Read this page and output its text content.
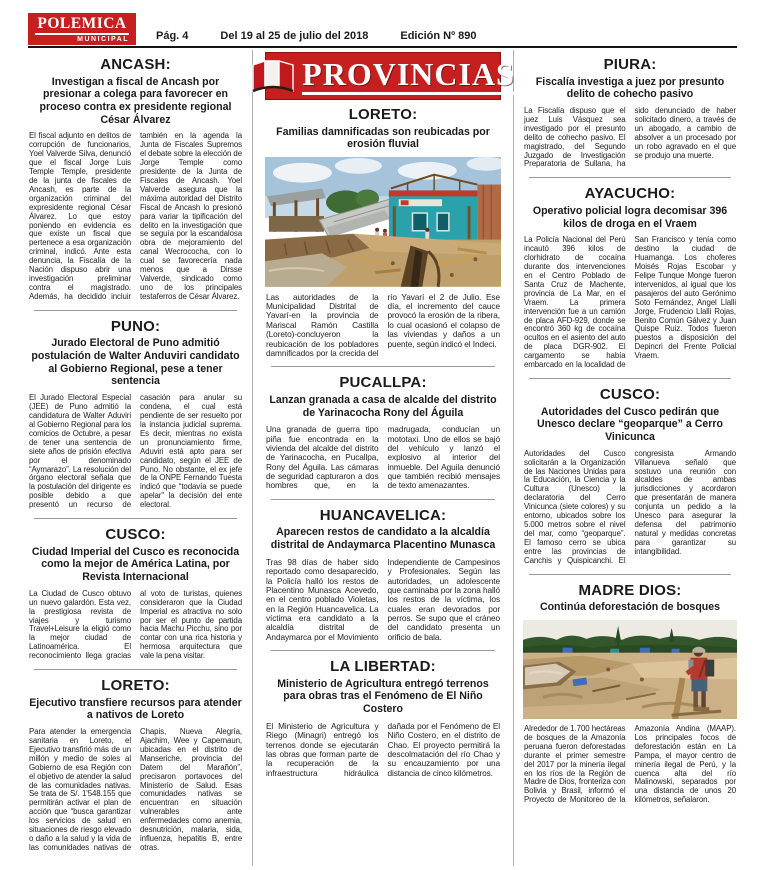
POLEMICA
MUNICIPAL Pág. 4	Del 19 al 25 de julio del 2018	Edición Nº 890
ANCASH:
Investigan a fiscal de Ancash por presionar a colega para favorecer en proceso contra ex presidente regional César Álvarez
El fiscal adjunto en delitos de corrupción de funcionarios, Yoel Valverde Silva, denunció que el fiscal Jorge Luis Temple Temple, presidente de la junta de fiscales de Ancash, es parte de la organización criminal del expresidente regional César Álvarez. Lo que estoy poniendo en evidencia es que existe un fiscal que pertenece a esa organización criminal, indicó. Ante esta denuncia, la Fiscalía de la Nación dispuso abrir una investigación preliminar contra el magistrado. Además, ha decidido incluir también en la agenda la Junta de Fiscales Supremos el debate sobre la elección de Jorge Temple como presidente de la Junta de Fiscales de Ancash. Yoel Valverde asegura que la máxima autoridad del Distrito Fiscal de Ancash lo presionó para variar la tipificación del delito en la investigación que se seguía por la escandalosa obra de mejoramiento del canal Wecrococha, con lo cual se favorecería nada menos que a Dirsse Valverde, sindicado como uno de los principales testaferros de César Álvarez.
PUNO:
Jurado Electoral de Puno admitió postulación de Walter Anduviri candidato al Gobierno Regional, pese a tener sentencia
El Jurado Electoral Especial (JEE) de Puno admitió la candidatura de Walter Aduviri al Gobierno Regional para los comicios de Octubre, a pesar de tener una sentencia de siete años de prisión efectiva por el denominado “Aymarazo”. La resolución del órgano electoral señala que la postulación del dirigente es posible debido a que presentó un recurso de casación para anular su condena, el cual está pendiente de ser resuelto por la instancia judicial suprema. Es decir, mientras no exista un pronunciamiento firme, Aduviri está apto para ser candidato, según el JEE de Puno. No obstante, el ex jefe de la ONPE Fernando Tuesta indicó que “todavía se puede apelar” la decisión del ente electoral.
CUSCO:
Ciudad Imperial del Cusco es reconocida como la mejor de América Latina, por Revista Internacional
La Ciudad de Cusco obtuvo un nuevo galardón. Esta vez, la prestigiosa revista de viajes y turismo Travel+Leisure la eligió como la mejor ciudad de Latinoamérica. El reconocimiento llega gracias al voto de turistas, quienes consideraron que la Ciudad Imperial es atractiva no solo por ser el punto de partida hacia Machu Picchu, sino por contar con una rica historia y hermosa arquitectura que vale la pena visitar.
LORETO:
Ejecutivo transfiere recursos para atender a nativos de Loreto
Para atender la emergencia sanitaria en Loreto, el Ejecutivo transfirió más de un millón y medio de soles al Gobierno de esa Región con el objetivo de atender la salud de las comunidades nativas. Se trata de S/. 1'548.155 que permitirán activar el plan de acción que “busca garantizar los servicios de salud en situaciones de riesgo elevado o daño a la salud y la vida de las comunidades nativas de Chapis, Nueva Alegría, Ajachim, Wee y Capernaun, ubicadas en el distrito de Manseriche, provincia del Datem del Marañón”, precisaron portavoces del Ministerio de Salud. Esas comunidades nativas se encuentran en situación vulnerables ante enfermedades como anemia, desnutrición, malaria, sida, influenza, hepatitis B, entre otras.
PROVINCIAS
LORETO:
Familias damnificadas son reubicadas por erosión fluvial
Las autoridades de la Municipalidad Distrital de Yavarí-en la provincia de Mariscal Ramón Castilla (Loreto)-concluyeron la reubicación de los pobladores damnificados por la crecida del río Yavarí el 2 de Julio. Ese día, el incremento del cauce provocó la erosión de la ribera, lo cual ocasionó el colapso de las viviendas y daños a un puente, según indicó el Indeci.
PUCALLPA:
Lanzan granada a casa de alcalde del distrito de Yarinacocha Rony del Águila
Una granada de guerra tipo piña fue encontrada en la vivienda del alcalde del distrito de Yarinacocha, en Pucallpa, Rony del Águila. Las cámaras de seguridad capturaron a dos hombres que, en la madrugada, conducían un mototaxi. Uno de ellos se bajó del vehículo y lanzó el explosivo al interior del inmueble. Del Aguila denunció que también recibió mensajes de texto amenazantes.
HUANCAVELICA:
Aparecen restos de candidato a la alcaldía distrital de Andaymarca Placentino Munasca
Tras 98 días de haber sido reportado como desaparecido, la Policía halló los restos de Placentino Munasca Acevedo, en el centro poblado Violetas, en la Región Huancavelica. La víctima era candidato a la alcaldía distrital de Andaymarca por el Movimiento Independiente de Campesinos y Profesionales. Según las autoridades, un adolescente que caminaba por la zona halló los restos de la víctima, los cuales eran devorados por perros. Se supo que el cráneo del candidato presenta un orificio de bala.
LA LIBERTAD:
Ministerio de Agricultura entregó terrenos para obras tras el Fenómeno de El Niño Costero
El Ministerio de Agricultura y Riego (Minagri) entregó los terrenos donde se ejecutarán las obras que forman parte de la recuperación de la infraestructura hidráulica dañada por el Fenómeno de El Niño Costero, en el distrito de Chao. El proyecto permitirá la descolmatación del río Chao y su encauzamiento por una distancia de cinco kilómetros.
PIURA:
Fiscalía investiga a juez por presunto delito de cohecho pasivo
La Fiscalía dispuso que el juez Luis Vásquez sea investigado por el presunto delito de cohecho pasivo. El magistrado, del Segundo Juzgado de Investigación Preparatoria de Sullana, ha sido denunciado de haber solicitado dinero, a través de un abogado, a cambio de absolver a un procesado por un robo agravado en el que se produjo una muerte.
AYACUCHO:
Operativo policial logra decomisar 396 kilos de droga en el Vraem
La Policía Nacional del Perú incautó 396 kilos de clorhidrato de cocaína durante dos intervenciones en el Centro Poblado de Santa Cruz de Machente, provincia de La Mar, en el Vraem. La primera intervención fue a un camión de placa AFD-929, donde se encontró 360 kg de cocaína ocultos en el asiento del auto de placa DGR-902. El cargamento se había embarcado en la localidad de San Francisco y tenía como destino la ciudad de Huamanga. Los choferes Moisés Rojas Escobar y Felipe Tunque Monge fueron intervenidos, al igual que los pasajeros del auto Gerónimo Soto Fernández, Angel Llalli Jorge, Frudencio Llalli Rojas, Benito Común Gálvez y Juan Quispe Ruiz. Todos fueron puestos a disposición del Depincri del Frente Policial Vraem.
CUSCO:
Autoridades del Cusco pedirán que Unesco declare “geoparque” a Cerro Vinicunca
Autoridades del Cusco solicitarán a la Organización de las Naciones Unidas para la Educación, la Ciencia y la Cultura (Unesco) la declaratoria del Cerro Vinicunca (siete colores) y su entorno, ubicados sobre los 5.000 metros sobre el nivel del mar, como “geoparque”. El famoso cerro se ubica entre las provincias de Canchis y Quispicanchi. El congresista Armando Villanueva señaló que sostuvo una reunión con alcaldes de ambas jurisdicciones y acordaron que presentarán de manera conjunta un pedido a la Unesco para asegurar la defensa del patrimonio natural y medidas concretas para garantizar su intangibilidad.
MADRE DIOS:
Continúa deforestación de bosques
Alrededor de 1.700 hectáreas de bosques de la Amazonía peruana fueron deforestadas durante el primer semestre del 2017 por la minería ilegal en los ríos de la Región de Madre de Dios, fronteriza con Bolivia y Brasil, informó el Proyecto de Monitoreo de la Amazonía Andina (MAAP). Los principales focos de deforestación están en La Pampa, el mayor centro de minería ilegal de Perú, y la cuenca alta del río Malinowski, separados por una distancia de unos 20 kilómetros, señalaron.
